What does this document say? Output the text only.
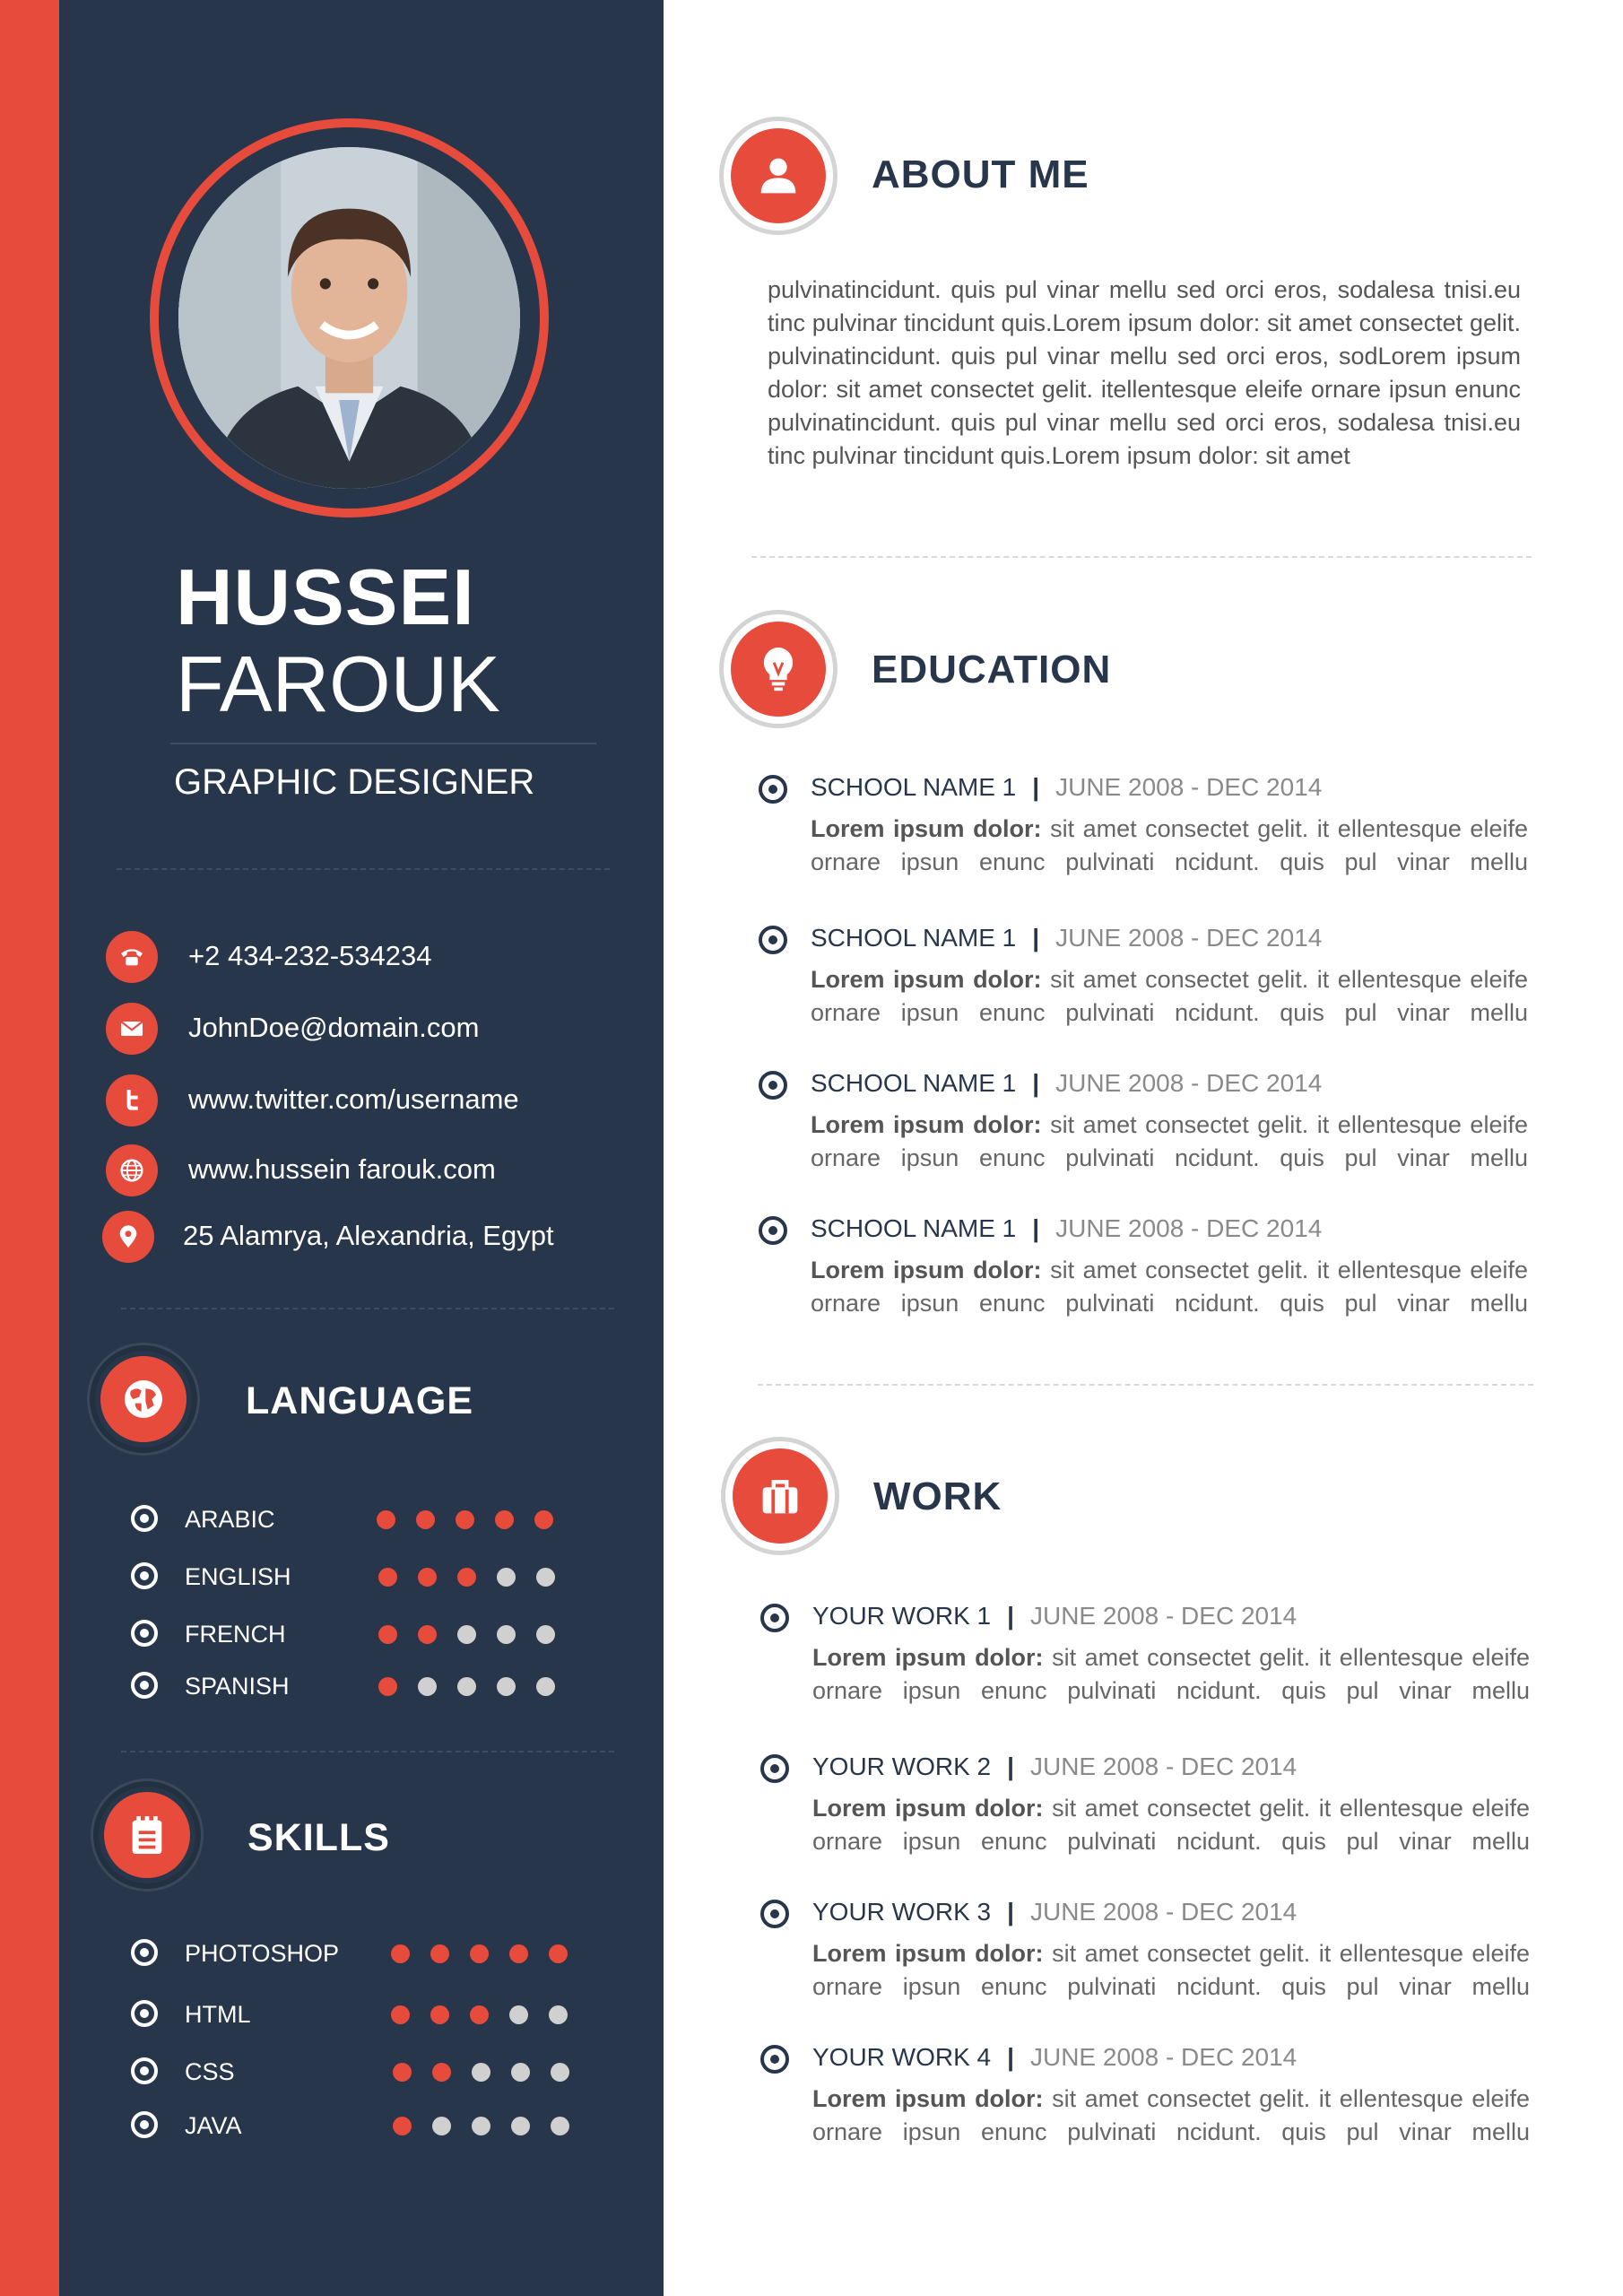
HUSSEI
FAROUK
GRAPHIC DESIGNER
+2 434-232-534234
JohnDoe@domain.com
www.twitter.com/username
www.hussein farouk.com
25 Alamrya, Alexandria, Egypt
LANGUAGE
ARABIC
ENGLISH
FRENCH
SPANISH
SKILLS
PHOTOSHOP
HTML
CSS
JAVA
ABOUT ME
pulvinatincidunt. quis pul vinar mellu sed orci eros, sodalesa tnisi.eu tinc pulvinar tincidunt quis.Lorem ipsum dolor: sit amet consectet gelit. pulvinatincidunt. quis pul vinar mellu sed orci eros, sodLorem ipsum dolor: sit amet consectet gelit. itellentesque eleife ornare ipsun enunc pulvinatincidunt. quis pul vinar mellu sed orci eros, sodalesa tnisi.eu tinc pulvinar tincidunt quis.Lorem ipsum dolor: sit amet
EDUCATION
SCHOOL NAME 1 | JUNE 2008 - DEC 2014
Lorem ipsum dolor: sit amet consectet gelit. it ellentesque eleife ornare ipsun enunc pulvinati ncidunt. quis pul vinar mellu
SCHOOL NAME 1 | JUNE 2008 - DEC 2014
Lorem ipsum dolor: sit amet consectet gelit. it ellentesque eleife ornare ipsun enunc pulvinati ncidunt. quis pul vinar mellu
SCHOOL NAME 1 | JUNE 2008 - DEC 2014
Lorem ipsum dolor: sit amet consectet gelit. it ellentesque eleife ornare ipsun enunc pulvinati ncidunt. quis pul vinar mellu
SCHOOL NAME 1 | JUNE 2008 - DEC 2014
Lorem ipsum dolor: sit amet consectet gelit. it ellentesque eleife ornare ipsun enunc pulvinati ncidunt. quis pul vinar mellu
WORK
YOUR WORK 1 | JUNE 2008 - DEC 2014
Lorem ipsum dolor: sit amet consectet gelit. it ellentesque eleife ornare ipsun enunc pulvinati ncidunt. quis pul vinar mellu
YOUR WORK 2 | JUNE 2008 - DEC 2014
Lorem ipsum dolor: sit amet consectet gelit. it ellentesque eleife ornare ipsun enunc pulvinati ncidunt. quis pul vinar mellu
YOUR WORK 3 | JUNE 2008 - DEC 2014
Lorem ipsum dolor: sit amet consectet gelit. it ellentesque eleife ornare ipsun enunc pulvinati ncidunt. quis pul vinar mellu
YOUR WORK 4 | JUNE 2008 - DEC 2014
Lorem ipsum dolor: sit amet consectet gelit. it ellentesque eleife ornare ipsun enunc pulvinati ncidunt. quis pul vinar mellu
